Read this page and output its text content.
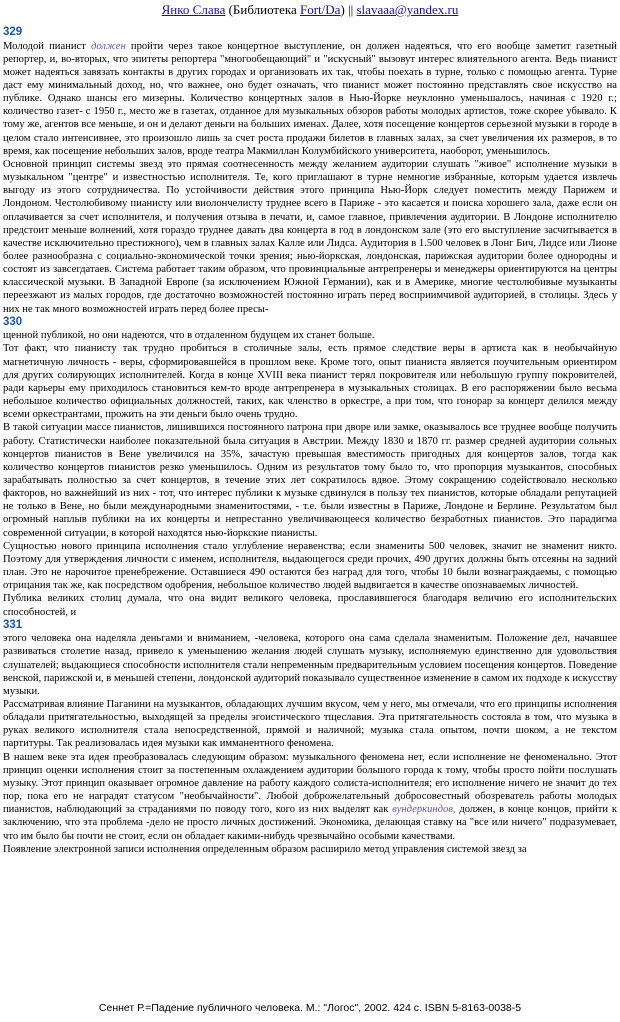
Янко Слава (Библиотека Fort/Da) || slavaaa@yandex.ru
329

Молодой пианист должен пройти через такое концертное выступление, он должен надеяться, что его вообще заметит газетный репортер, и, во-вторых, что эпитеты репортера "многообещающий" и "искусный" вызовут интерес влиятельного агента. Ведь пианист может надеяться завязать контакты в других городах и организовать их так, чтобы поехать в турне, только с помощью агента. Турне даст ему минимальный доход, но, что важнее, оно будет означать, что пианист может постоянно представлять свое искусство на публике. Однако шансы его мизерны. Количество концертных залов в Нью-Йорке неуклонно уменьшалось, начиная с 1920 г.; количество газет- с 1950 г., место же в газетах, отданное для музыкальных обзоров работы молодых артистов, тоже скорее убывало. К тому же, агентов все меньше, и он и делают деньги на больших именах. Далее, хотя посещение концертов серьезной музыки в городе в целом стало интенсивнее, это произошло лишь за счет роста продажи билетов в главных залах, за счет увеличения их размеров, в то время, как посещение небольших залов, вроде театра Макмиллан Колумбийского университета, наоборот, уменьшилось.

Основной принцип системы звезд это прямая соотнесенность между желанием аудитории слушать "живое" исполнение музыки в музыкальном "центре" и известностью исполнителя. Те, кого приглашают в турне немногие избранные, которым удается извлечь выгоду из этого сотрудничества. По устойчивости действия этого принципа Нью-Йорк следует поместить между Парижем и Лондоном. Честолюбивому пианисту или виолончелисту труднее всего в Париже - это касается и поиска хорошего зала, даже если он оплачивается за счет исполнителя, и получения отзыва в печати, и, самое главное, привлечения аудитории. В Лондоне исполнителю предстоит меньше волнений, хотя гораздо труднее давать два концерта в год в лондонском зале (это его выступление засчитывается в качестве исключительно престижного), чем в главных залах Калле или Лидса. Аудитория в 1.500 человек в Лонг Бич, Лидсе или Лионе более разнообразна с социально-экономической точки зрения; нью-йоркская, лондонская, парижская аудитории более однородны и состоят из завсегдатаев. Система работает таким образом, что провинциальные антрепренеры и менеджеры ориентируются на центры классической музыки. В Западной Европе (за исключением Южной Германии), как и в Америке, многие честолюбивые музыканты переезжают из малых городов, где достаточно возможностей постоянно играть перед восприимчивой аудиторией, в столицы. Здесь у них не так много возможностей играть перед более пресы-

330

щенной публикой, но они надеются, что в отдаленном будущем их станет больше.

Тот факт, что пианисту так трудно пробиться в столичные залы, есть прямое следствие веры в артиста как в необычайную магнетичную личность - веры, сформировавшейся в прошлом веке. Кроме того, опыт пианиста является поучительным ориентиром для других солирующих исполнителей. Когда в конце XVIII века пианист терял покровителя или небольшую группу покровителей, ради карьеры ему приходилось становиться кем-то вроде антрепренера в музыкальных столицах. В его распоряжении было весьма небольшое количество официальных должностей, таких, как членство в оркестре, а при том, что гонорар за концерт делился между всеми оркестрантами, прожить на эти деньги было очень трудно.

В такой ситуации массе пианистов, лишившихся постоянного патрона при дворе или замке, оказывалось все труднее вообще получить работу. Статистически наиболее показательной была ситуация в Австрии. Между 1830 и 1870 гг. размер средней аудитории сольных концертов пианистов в Вене увеличился на 35%, зачастую превышая вместимость пригодных для концертов залов, тогда как количество концертов пианистов резко уменьшилось. Одним из результатов тому было то, что пропорция музыкантов, способных зарабатывать полностью за счет концертов, в течение этих лет сократилось вдвое. Этому сокращению содействовало несколько факторов, но важнейший из них - тот, что интерес публики к музыке сдвинулся в пользу тех пианистов, которые обладали репутацией не только в Вене, но были международными знаменитостями, - т.е. были известны в Париже, Лондоне и Берлине. Результатом был огромный наплыв публики на их концерты и непрестанно увеличивающееся количество безработных пианистов. Это парадигма современной ситуации, в которой находятся нью-йоркские пианисты.

Сущностью нового принципа исполнения стало углубление неравенства; если знамениты 500 человек, значит не знаменит никто. Поэтому для утверждения личности с именем, исполнителя, выдающегося среди прочих, 490 других должны быть отсеяны на задний план. Это не нарочитое пренебрежение. Оставшиеся 490 остаются без наград для того, чтобы 10 были вознаграждаемы, с помощью отрицания так же, как посредством одобрения, небольшое количество людей выдвигается в качестве опознаваемых личностей.

Публика великих столиц думала, что она видит великого человека, прославившегося благодаря величию его исполнительских способностей, и

331

этого человека она наделяла деньгами и вниманием, -человека, которого она сама сделала знаменитым. Положение дел, начавшее развиваться столетие назад, привело к уменьшению желания людей слушать музыку, исполняемую единственно для удовольствия слушателей; выдающиеся способности исполнителя стали непременным предварительным условием посещения концертов. Поведение венской, парижской и, в меньшей степени, лондонской аудиторий показывало существенное изменение в самом их подходе к искусству музыки.

Рассматривая влияние Паганини на музыкантов, обладающих лучшим вкусом, чем у него, мы отмечали, что его принципы исполнения обладали притягательностью, выходящей за пределы эгоистического тщеславия. Эта притягательность состояла в том, что музыка в руках великого исполнителя стала непосредственной, прямой и наличной; музыка стала опытом, почти шоком, а не текстом партитуры. Так реализовалась идея музыки как имманентного феномена.

В нашем веке эта идея преобразовалась следующим образом: музыкального феномена нет, если исполнение не феноменально. Этот принцип оценки исполнения стоит за постепенным охлаждением аудитории большого города к тому, чтобы просто пойти послушать музыку. Этот принцип оказывает огромное давление на работу каждого солиста-исполнителя; его исполнение ничего не значит до тех пор, пока его не наградят статусом "необычайности". Любой доброжелательный добросовестный обозреватель работы молодых пианистов, наблюдающий за страданиями по поводу того, кого из них выделят как вундеркиндов, должен, в конце концов, прийти к заключению, что эта проблема -дело не просто личных достижений. Экономика, делающая ставку на "все или ничего" подразумевает, что им было бы почти не стоит, если он обладает какими-нибудь чрезвычайно особыми качествами.

Появление электронной записи исполнения определенным образом расширило метод управления системой звезд за

Сеннет Р.=Падение публичного человека. М.: "Логос", 2002. 424 с. ISBN 5-8163-0038-5
